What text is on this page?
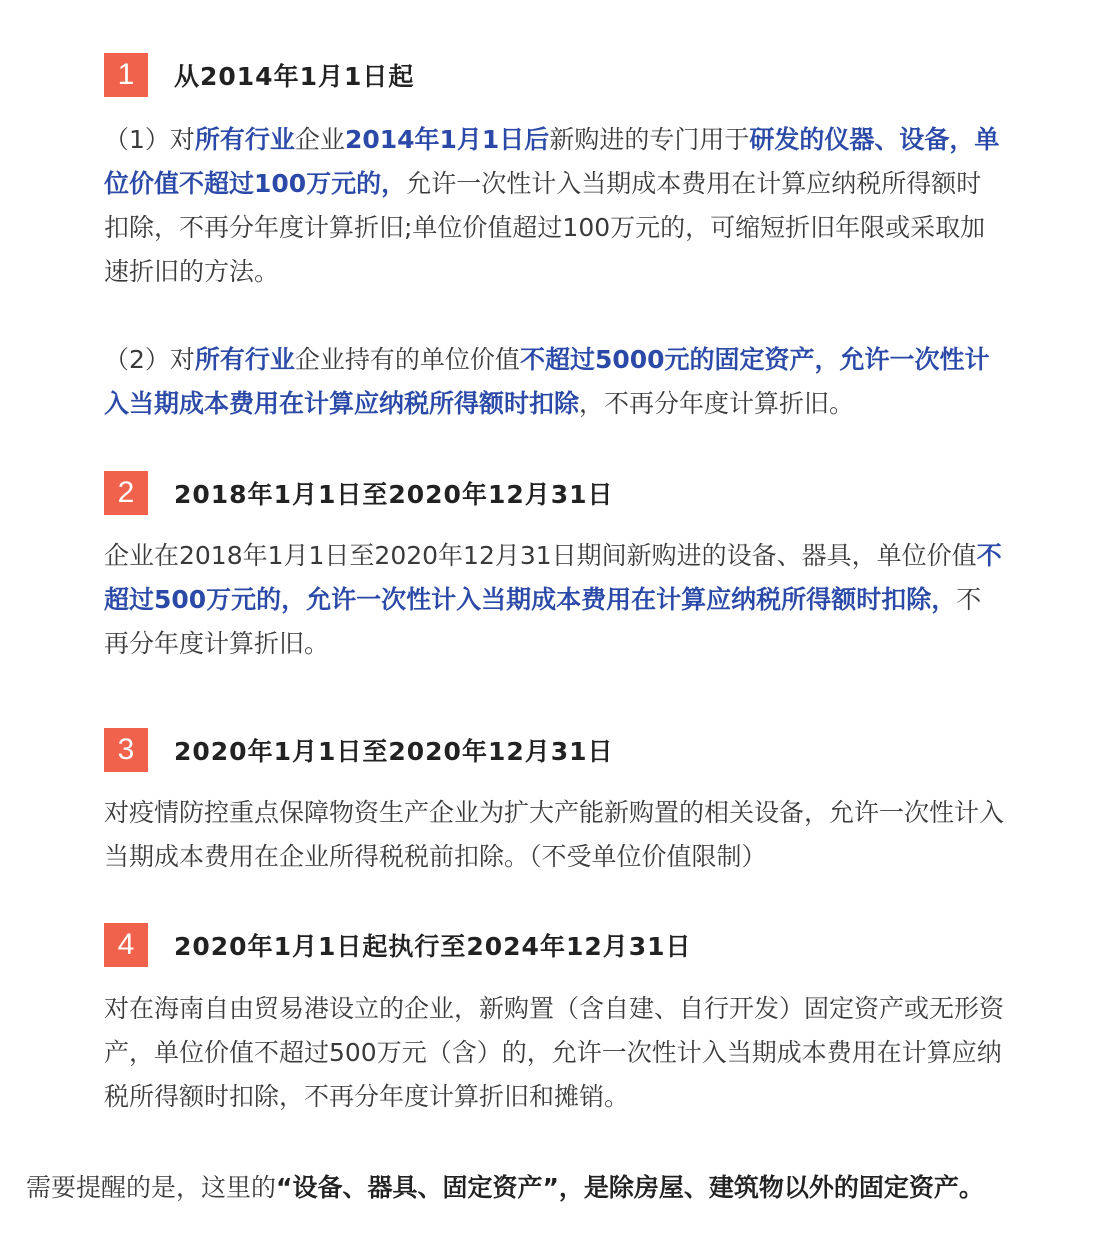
1	从2014年1月1日起

（1）对所有行业企业2014年1月1日后新购进的专门用于研发的仪器、设备，单位价值不超过100万元的，允许一次性计入当期成本费用在计算应纳税所得额时扣除，不再分年度计算折旧;单位价值超过100万元的，可缩短折旧年限或采取加速折旧的方法。

（2）对所有行业企业持有的单位价值不超过5000元的固定资产，允许一次性计入当期成本费用在计算应纳税所得额时扣除，不再分年度计算折旧。

2	2018年1月1日至2020年12月31日

企业在2018年1月1日至2020年12月31日期间新购进的设备、器具，单位价值不超过500万元的，允许一次性计入当期成本费用在计算应纳税所得额时扣除，不再分年度计算折旧。

3	2020年1月1日至2020年12月31日

对疫情防控重点保障物资生产企业为扩大产能新购置的相关设备，允许一次性计入当期成本费用在企业所得税税前扣除。（不受单位价值限制）

4	2020年1月1日起执行至2024年12月31日

对在海南自由贸易港设立的企业，新购置（含自建、自行开发）固定资产或无形资产，单位价值不超过500万元（含）的，允许一次性计入当期成本费用在计算应纳税所得额时扣除，不再分年度计算折旧和摊销。

需要提醒的是，这里的“设备、器具、固定资产”，是除房屋、建筑物以外的固定资产。
